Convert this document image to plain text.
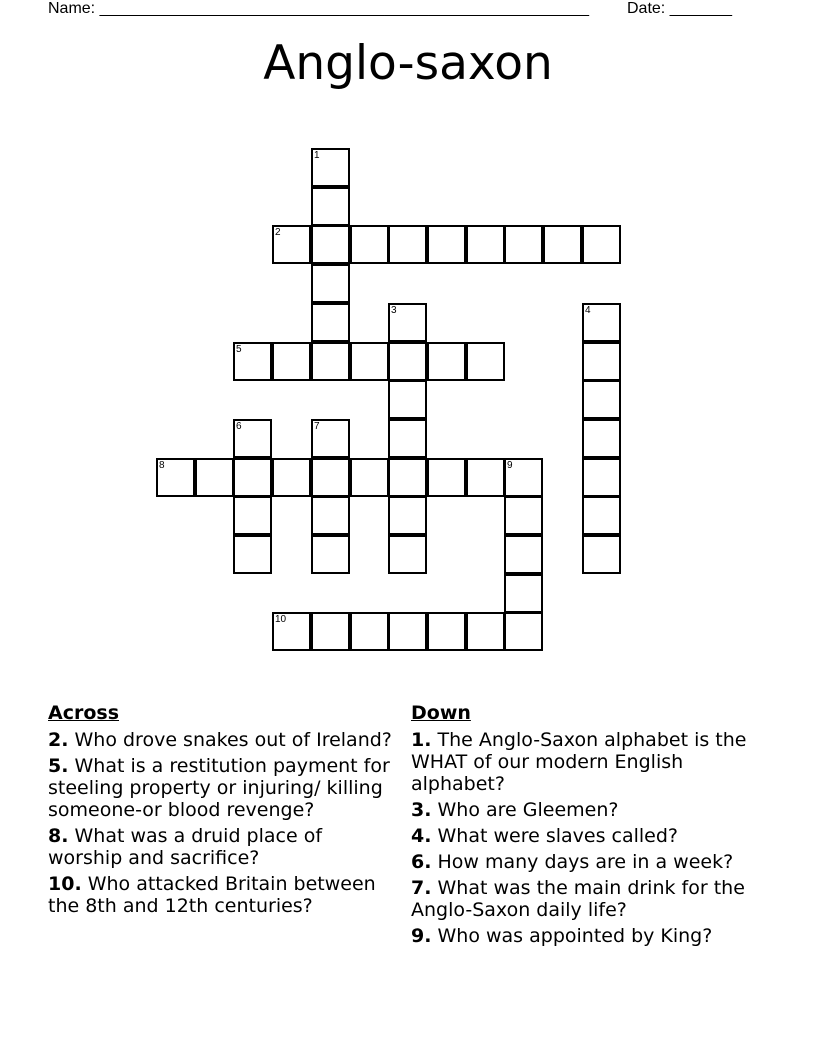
Name: _______________________________________________________ Date: _______
Anglo-saxon
1
2
3	4
5
6	7
8	9
10
Across
2. Who drove snakes out of Ireland?
5. What is a restitution payment for steeling property or injuring/ killing someone-or blood revenge?
8. What was a druid place of worship and sacrifice?
10. Who attacked Britain between the 8th and 12th centuries?
Down
1. The Anglo-Saxon alphabet is the WHAT of our modern English alphabet?
3. Who are Gleemen?
4. What were slaves called?
6. How many days are in a week?
7. What was the main drink for the Anglo-Saxon daily life?
9. Who was appointed by King?
